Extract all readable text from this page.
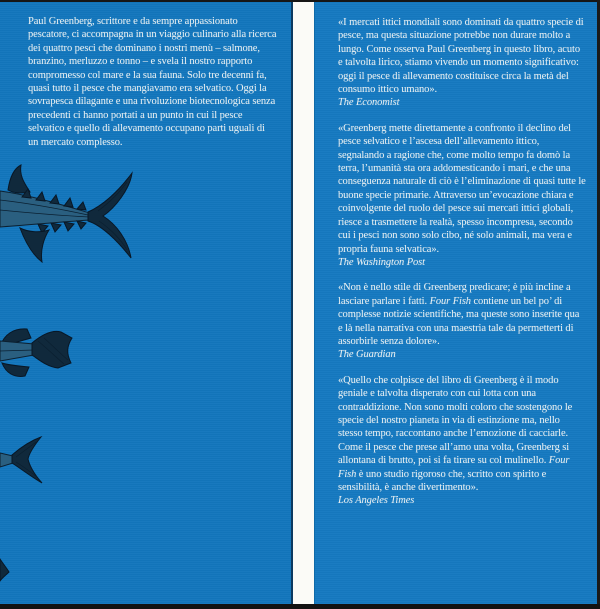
Paul Greenberg, scrittore e da sempre appassionato pescatore, ci accompagna in un viaggio culinario alla ricerca dei quattro pesci che dominano i nostri menù – salmone, branzino, merluzzo e tonno – e svela il nostro rapporto compromesso col mare e la sua fauna. Solo tre decenni fa, quasi tutto il pesce che mangiavamo era selvatico. Oggi la sovrapesca dilagante e una rivoluzione biotecnologica senza precedenti ci hanno portati a un punto in cui il pesce selvatico e quello di allevamento occupano parti uguali di un mercato complesso.

«I mercati ittici mondiali sono dominati da quattro specie di pesce, ma questa situazione potrebbe non durare molto a lungo. Come osserva Paul Greenberg in questo libro, acuto e talvolta lirico, stiamo vivendo un momento significativo: oggi il pesce di allevamento costituisce circa la metà del consumo ittico umano».

The Economist

«Greenberg mette direttamente a confronto il declino del pesce selvatico e l’ascesa dell’allevamento ittico, segnalando a ragione che, come molto tempo fa domò la terra, l’umanità sta ora addomesticando i mari, e che una conseguenza naturale di ciò è l’eliminazione di quasi tutte le buone specie primarie. Attraverso un’evocazione chiara e coinvolgente del ruolo del pesce sui mercati ittici globali, riesce a trasmettere la realtà, spesso incompresa, secondo cui i pesci non sono solo cibo, né solo animali, ma vera e propria fauna selvatica».

The Washington Post

«Non è nello stile di Greenberg predicare; è più incline a lasciare parlare i fatti. Four Fish contiene un bel po’ di complesse notizie scientifiche, ma queste sono inserite qua e là nella narrativa con una maestria tale da permetterti di assorbirle senza dolore».

The Guardian

«Quello che colpisce del libro di Greenberg è il modo geniale e talvolta disperato con cui lotta con una contraddizione. Non sono molti coloro che sostengono le specie del nostro pianeta in via di estinzione ma, nello stesso tempo, raccontano anche l’emozione di cacciarle. Come il pesce che prese all’amo una volta, Greenberg si allontana di brutto, poi si fa tirare su col mulinello. Four Fish è uno studio rigoroso che, scritto con spirito e sensibilità, è anche divertimento».

Los Angeles Times
